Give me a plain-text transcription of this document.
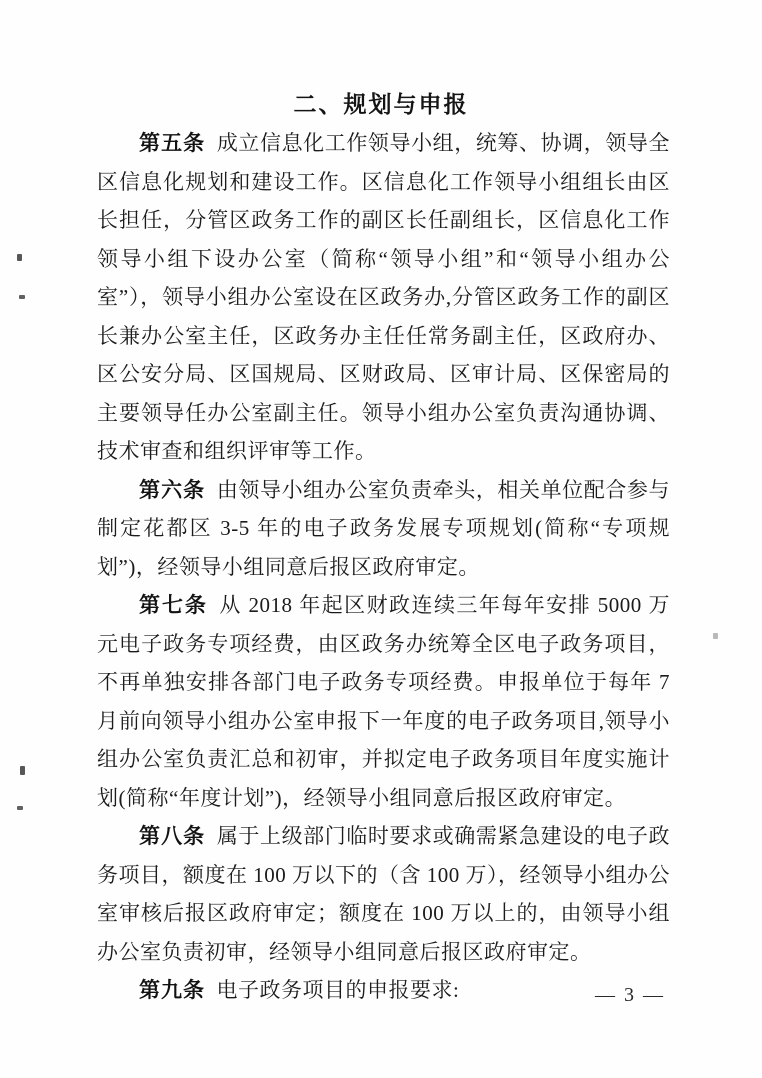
二、规划与申报

第五条 成立信息化工作领导小组，统筹、协调，领导全区信息化规划和建设工作。区信息化工作领导小组组长由区长担任，分管区政务工作的副区长任副组长，区信息化工作领导小组下设办公室（简称“领导小组”和“领导小组办公室”），领导小组办公室设在区政务办,分管区政务工作的副区长兼办公室主任，区政务办主任任常务副主任，区政府办、区公安分局、区国规局、区财政局、区审计局、区保密局的主要领导任办公室副主任。领导小组办公室负责沟通协调、技术审查和组织评审等工作。

第六条 由领导小组办公室负责牵头，相关单位配合参与制定花都区 3-5 年的电子政务发展专项规划(简称“专项规划”)，经领导小组同意后报区政府审定。

第七条 从 2018 年起区财政连续三年每年安排 5000 万元电子政务专项经费，由区政务办统筹全区电子政务项目，不再单独安排各部门电子政务专项经费。申报单位于每年 7 月前向领导小组办公室申报下一年度的电子政务项目,领导小组办公室负责汇总和初审，并拟定电子政务项目年度实施计划(简称“年度计划”)，经领导小组同意后报区政府审定。

第八条 属于上级部门临时要求或确需紧急建设的电子政务项目，额度在 100 万以下的（含 100 万），经领导小组办公室审核后报区政府审定；额度在 100 万以上的，由领导小组办公室负责初审，经领导小组同意后报区政府审定。

第九条 电子政务项目的申报要求:	— 3 —
